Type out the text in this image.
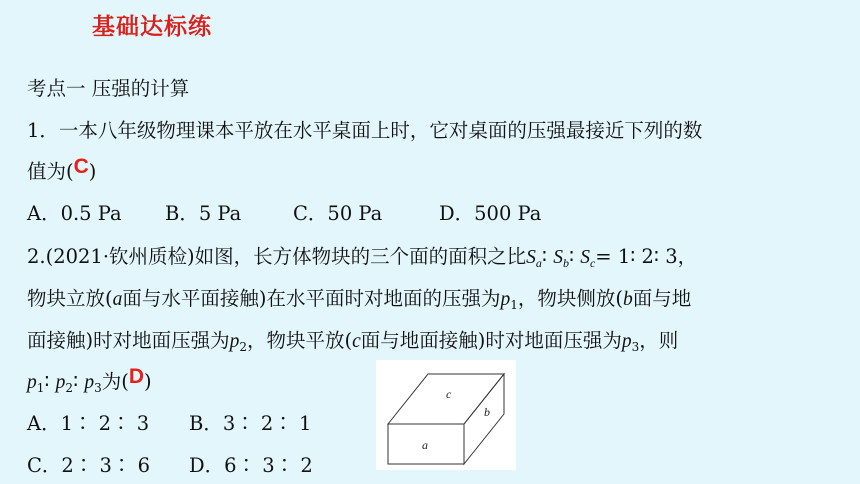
基础达标练
考点一 压强的计算
1．一本八年级物理课本平放在水平桌面上时，它对桌面的压强最接近下列的数
值为(C)
A．0.5 Pa B．5 Pa	C．50 Pa	D．500 Pa
2.(2021·钦州质检)如图，长方体物块的三个面的面积之比$S_a∶$ $S_b∶$ $S_c=$ 1∶ 2∶ 3，
物块立放(a面与水平面接触)在水平面时对地面的压强为$p_1$，物块侧放(b面与地
面接触)时对地面压强为$p_2$，物块平放(c面与地面接触)时对地面压强为$p_3$，则
$p_1∶$ $p_2∶$ $p_3$为(D)
A．1∶ 2∶ 3 B．3∶ 2∶ 1
C．2∶ 3∶ 6 D．6∶ 3∶ 2
c
b
a
